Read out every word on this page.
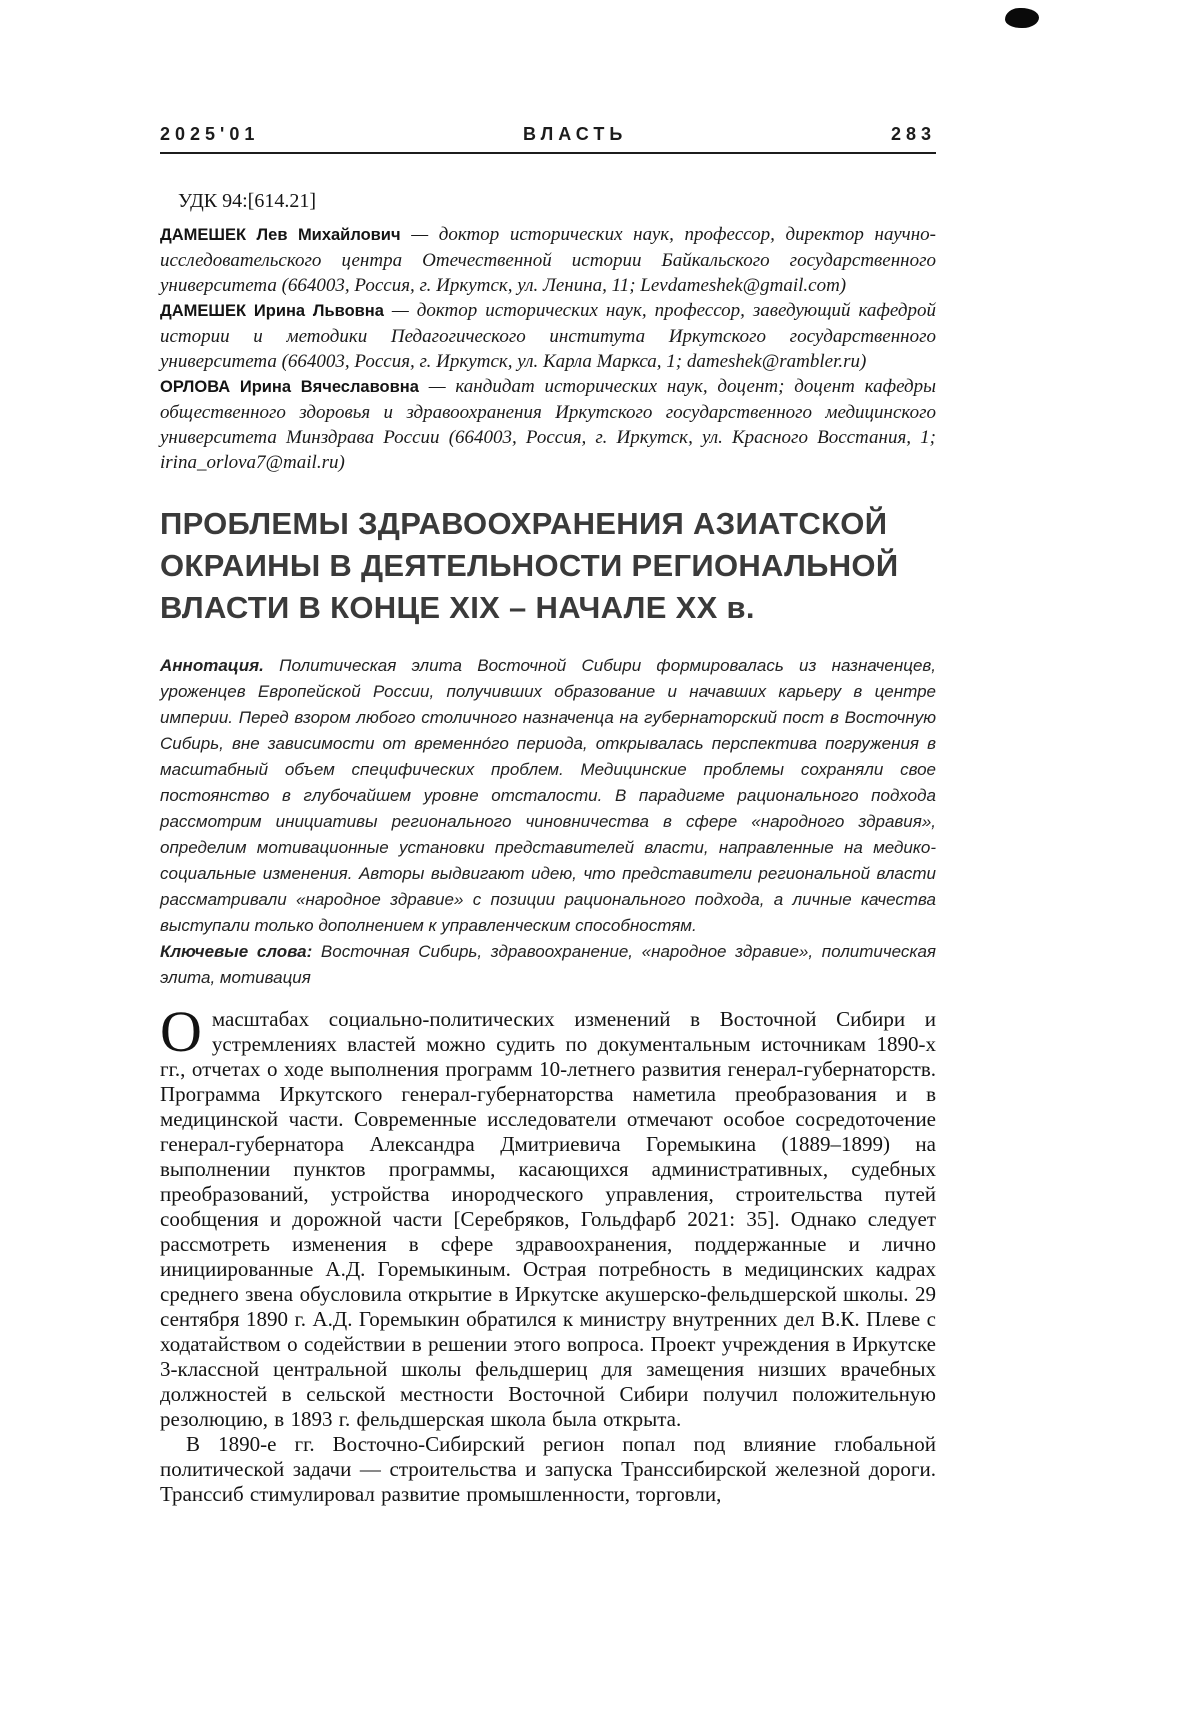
2025'01	ВЛАСТЬ	283
УДК 94:[614.21]

ДАМЕШЕК Лев Михайлович — доктор исторических наук, профессор, директор научно-исследовательского центра Отечественной истории Байкальского государственного университета (664003, Россия, г. Иркутск, ул. Ленина, 11; Levdameshek@gmail.com)

ДАМЕШЕК Ирина Львовна — доктор исторических наук, профессор, заведующий кафедрой истории и методики Педагогического института Иркутского государственного университета (664003, Россия, г. Иркутск, ул. Карла Маркса, 1; dameshek@rambler.ru)

ОРЛОВА Ирина Вячеславовна — кандидат исторических наук, доцент; доцент кафедры общественного здоровья и здравоохранения Иркутского государственного медицинского университета Минздрава России (664003, Россия, г. Иркутск, ул. Красного Восстания, 1; irina_orlova7@mail.ru)

ПРОБЛЕМЫ ЗДРАВООХРАНЕНИЯ АЗИАТСКОЙ
ОКРАИНЫ В ДЕЯТЕЛЬНОСТИ РЕГИОНАЛЬНОЙ
ВЛАСТИ В КОНЦЕ XIX – НАЧАЛЕ XX в.

Аннотация. Политическая элита Восточной Сибири формировалась из назначенцев, уроженцев Европейской России, получивших образование и начавших карьеру в центре империи. Перед взором любого столичного назначенца на губернаторский пост в Восточную Сибирь, вне зависимости от временно́го периода, открывалась перспектива погружения в масштабный объем специфических проблем. Медицинские проблемы сохраняли свое постоянство в глубочайшем уровне отсталости. В парадигме рационального подхода рассмотрим инициативы регионального чиновничества в сфере «народного здравия», определим мотивационные установки представителей власти, направленные на медико-социальные изменения. Авторы выдвигают идею, что представители региональной власти рассматривали «народное здравие» с позиции рационального подхода, а личные качества выступали только дополнением к управленческим способностям.

Ключевые слова: Восточная Сибирь, здравоохранение, «народное здравие», политическая элита, мотивация

Омасштабах социально-политических изменений в Восточной Сибири и устремлениях властей можно судить по документальным источникам 1890-х гг., отчетах о ходе выполнения программ 10-летнего развития генерал-губернаторств. Программа Иркутского генерал-губернаторства наметила преобразования и в медицинской части. Современные исследователи отмечают особое сосредоточение генерал-губернатора Александра Дмитриевича Горемыкина (1889–1899) на выполнении пунктов программы, касающихся административных, судебных преобразований, устройства инородческого управления, строительства путей сообщения и дорожной части [Серебряков, Гольдфарб 2021: 35]. Однако следует рассмотреть изменения в сфере здравоохранения, поддержанные и лично инициированные А.Д. Горемыкиным. Острая потребность в медицинских кадрах среднего звена обусловила открытие в Иркутске акушерско-фельдшерской школы. 29 сентября 1890 г. А.Д. Горемыкин обратился к министру внутренних дел В.К. Плеве с ходатайством о содействии в решении этого вопроса. Проект учреждения в Иркутске 3-классной центральной школы фельдшериц для замещения низших врачебных должностей в сельской местности Восточной Сибири получил положительную резолюцию, в 1893 г. фельдшерская школа была открыта.

В 1890-е гг. Восточно-Сибирский регион попал под влияние глобальной политической задачи — строительства и запуска Транссибирской железной дороги. Транссиб стимулировал развитие промышленности, торговли,
